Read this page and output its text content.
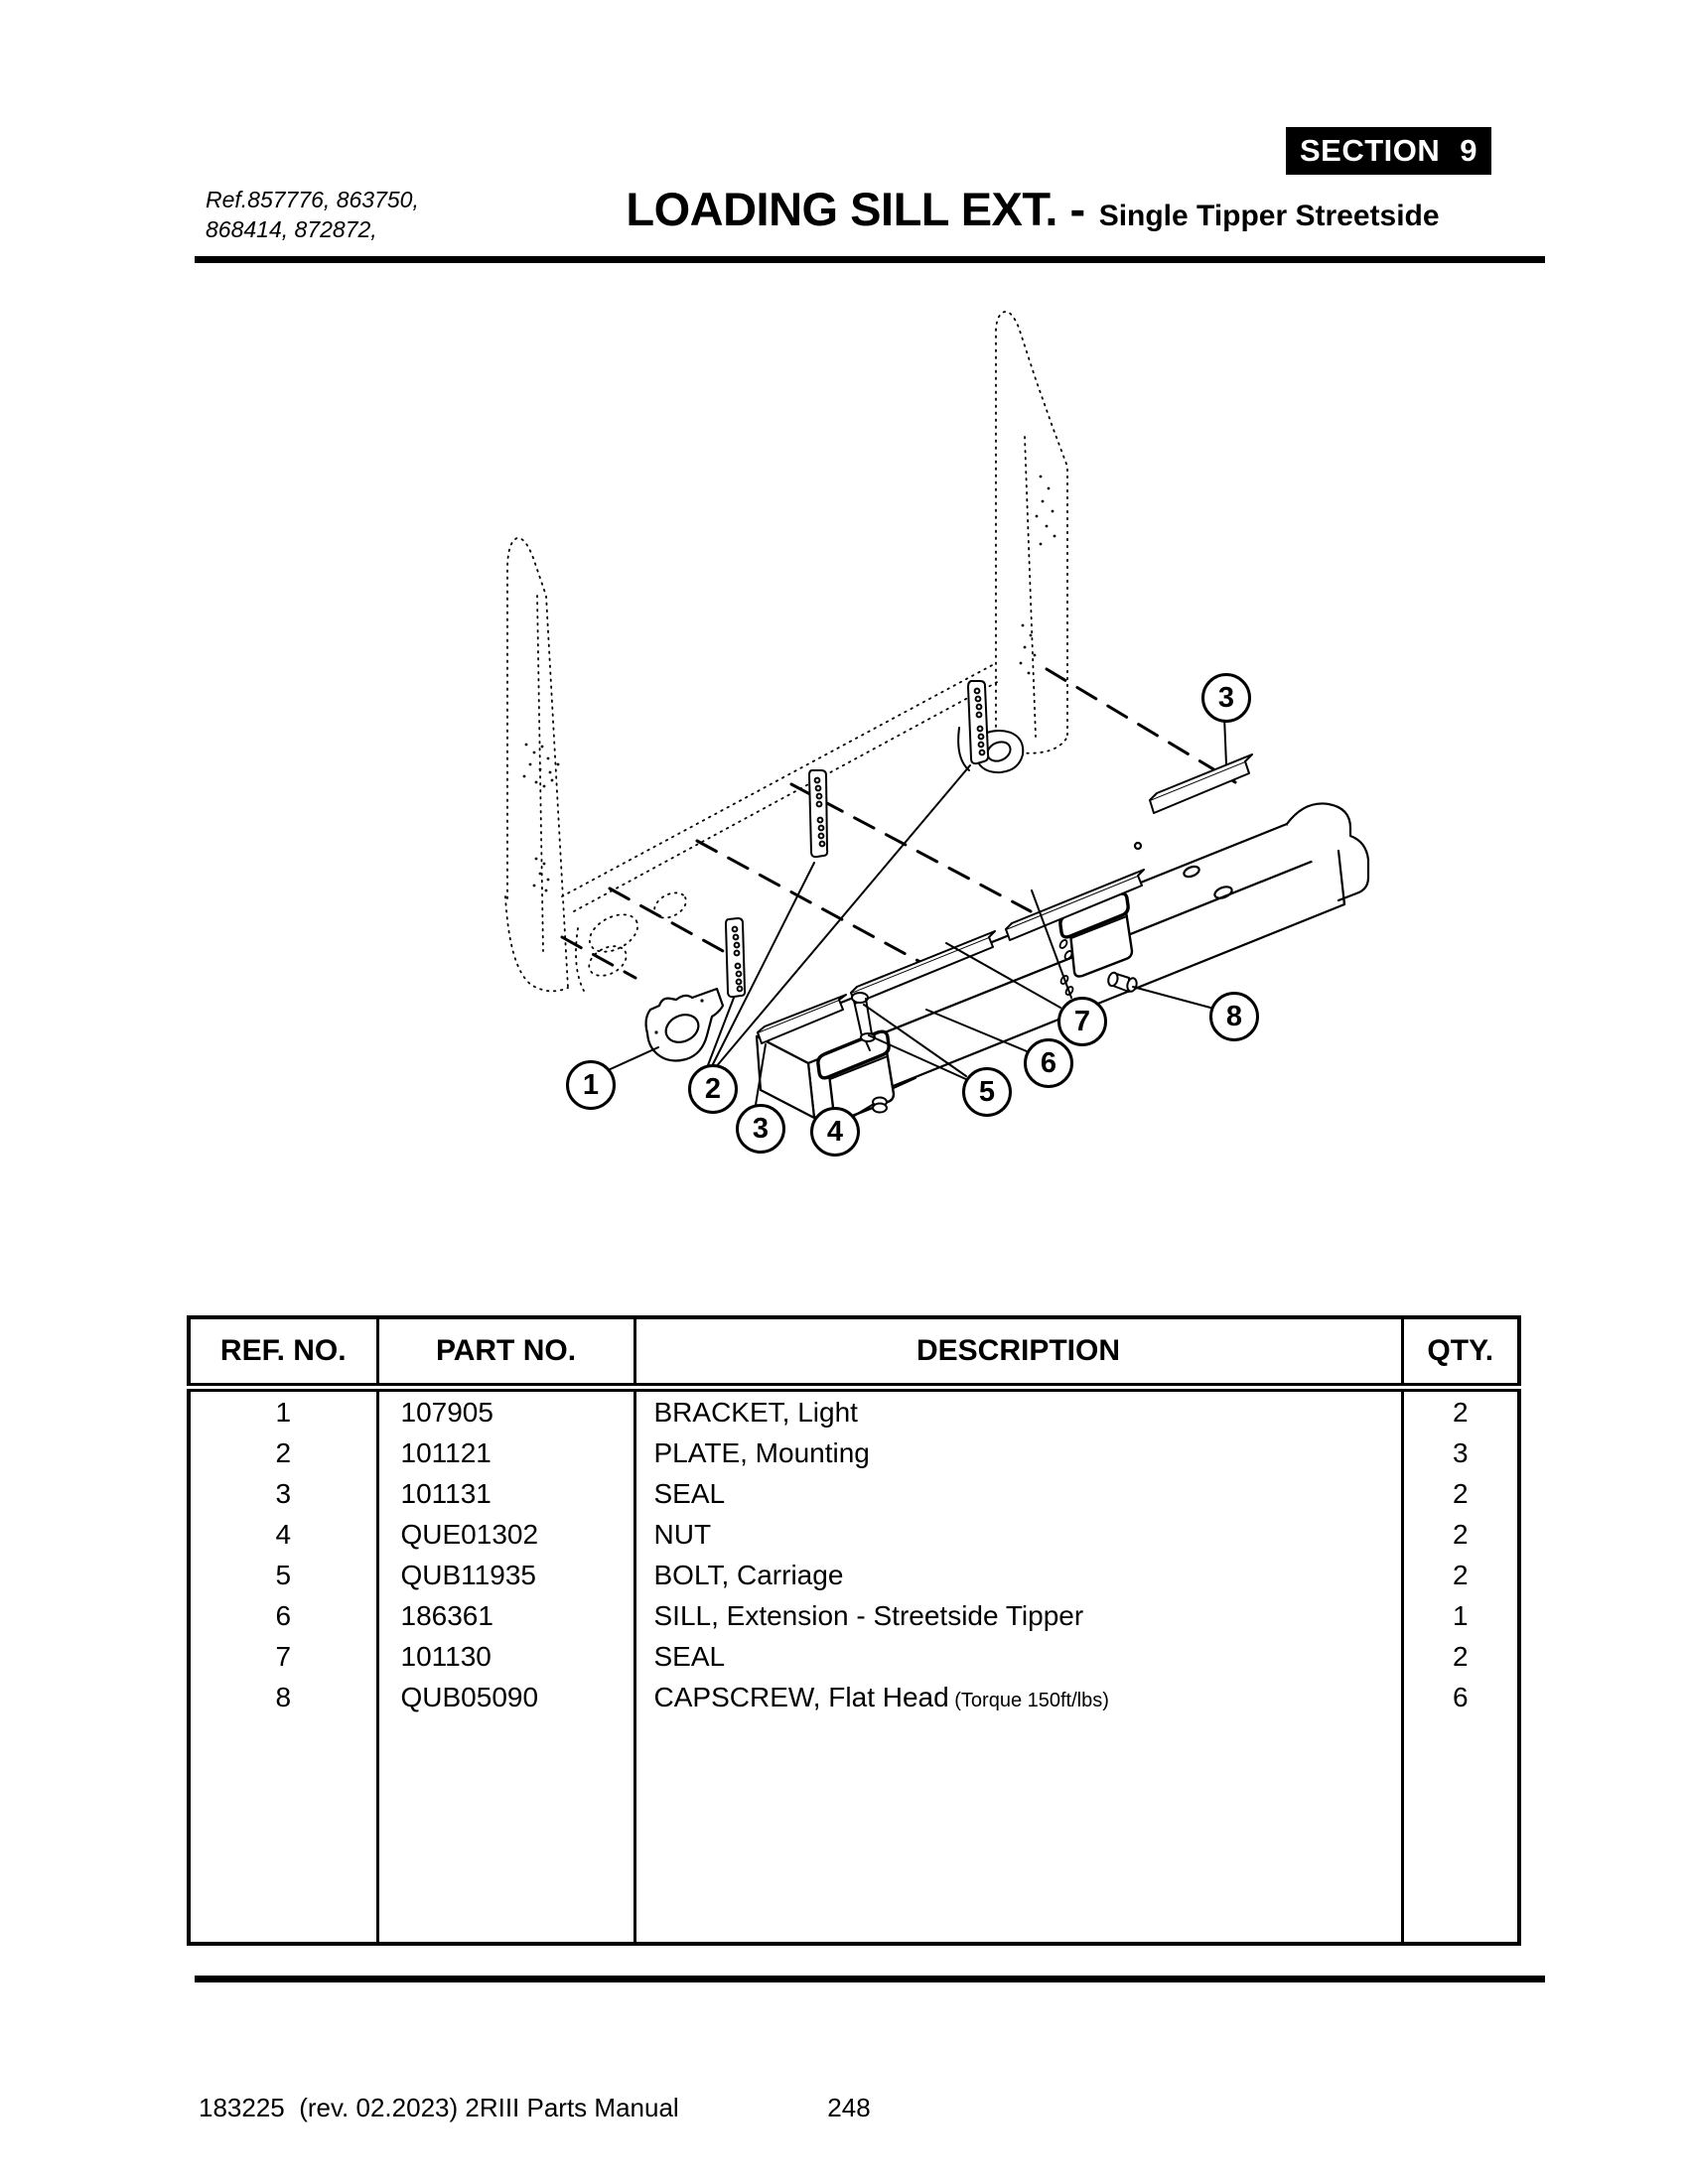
SECTION 9
Ref.857776, 863750,
868414, 872872,	LOADING SILL EXT. - Single Tipper Streetside
1	2
3 4
5
6
7	8
3
REF. NO.	PART NO.	DESCRIPTION	QTY.
1	107905	BRACKET, Light	2
2	101121	PLATE, Mounting	3
3	101131	SEAL	2
4	QUE01302	NUT	2
5	QUB11935	BOLT, Carriage	2
6	186361	SILL, Extension - Streetside Tipper	1
7	101130	SEAL	2
8	QUB05090	CAPSCREW, Flat Head (Torque 150ft/lbs)	6

183225  (rev. 02.2023) 2RIII Parts Manual	248
